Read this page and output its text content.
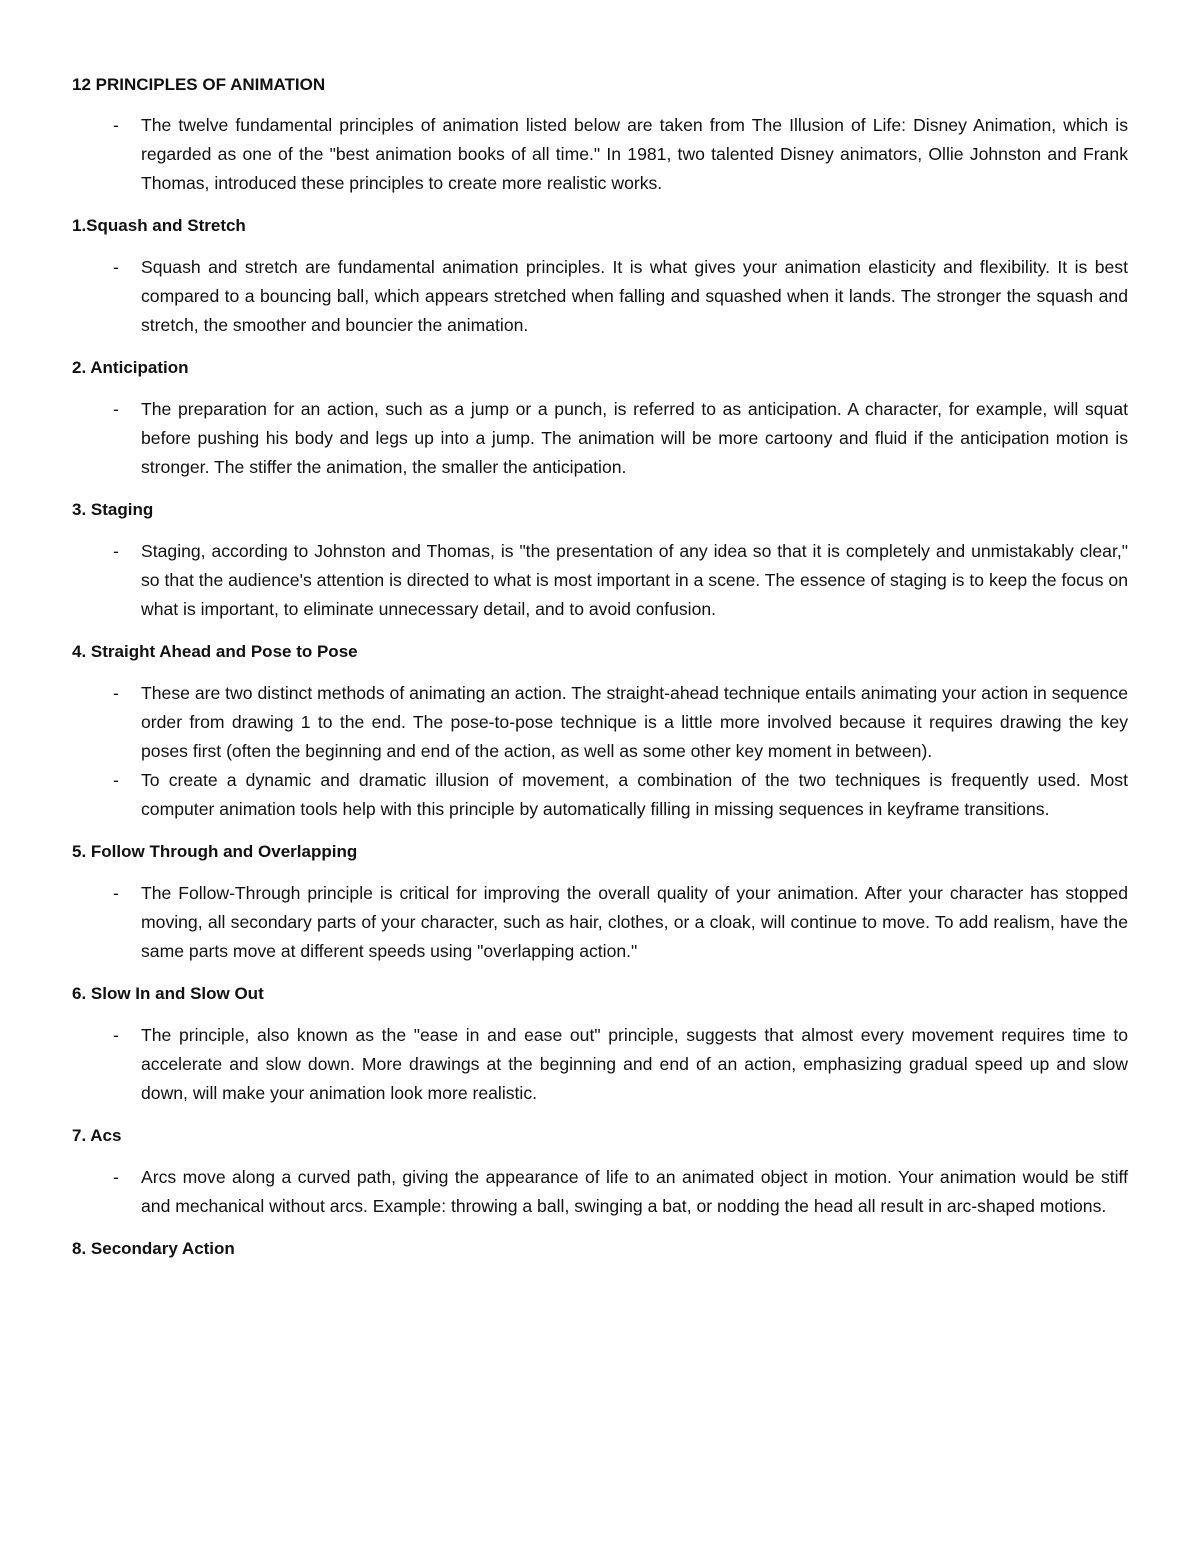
12 PRINCIPLES OF ANIMATION
- The twelve fundamental principles of animation listed below are taken from The Illusion of Life: Disney Animation, which is regarded as one of the "best animation books of all time." In 1981, two talented Disney animators, Ollie Johnston and Frank Thomas, introduced these principles to create more realistic works.
1.Squash and Stretch
- Squash and stretch are fundamental animation principles. It is what gives your animation elasticity and flexibility. It is best compared to a bouncing ball, which appears stretched when falling and squashed when it lands. The stronger the squash and stretch, the smoother and bouncier the animation.
2. Anticipation
- The preparation for an action, such as a jump or a punch, is referred to as anticipation. A character, for example, will squat before pushing his body and legs up into a jump. The animation will be more cartoony and fluid if the anticipation motion is stronger. The stiffer the animation, the smaller the anticipation.
3. Staging
- Staging, according to Johnston and Thomas, is "the presentation of any idea so that it is completely and unmistakably clear," so that the audience's attention is directed to what is most important in a scene. The essence of staging is to keep the focus on what is important, to eliminate unnecessary detail, and to avoid confusion.
4. Straight Ahead and Pose to Pose
- These are two distinct methods of animating an action. The straight-ahead technique entails animating your action in sequence order from drawing 1 to the end. The pose-to-pose technique is a little more involved because it requires drawing the key poses first (often the beginning and end of the action, as well as some other key moment in between).
- To create a dynamic and dramatic illusion of movement, a combination of the two techniques is frequently used. Most computer animation tools help with this principle by automatically filling in missing sequences in keyframe transitions.
5. Follow Through and Overlapping
- The Follow-Through principle is critical for improving the overall quality of your animation. After your character has stopped moving, all secondary parts of your character, such as hair, clothes, or a cloak, will continue to move. To add realism, have the same parts move at different speeds using "overlapping action."
6. Slow In and Slow Out
- The principle, also known as the "ease in and ease out" principle, suggests that almost every movement requires time to accelerate and slow down. More drawings at the beginning and end of an action, emphasizing gradual speed up and slow down, will make your animation look more realistic.
7. Acs
- Arcs move along a curved path, giving the appearance of life to an animated object in motion. Your animation would be stiff and mechanical without arcs. Example: throwing a ball, swinging a bat, or nodding the head all result in arc-shaped motions.
8. Secondary Action
